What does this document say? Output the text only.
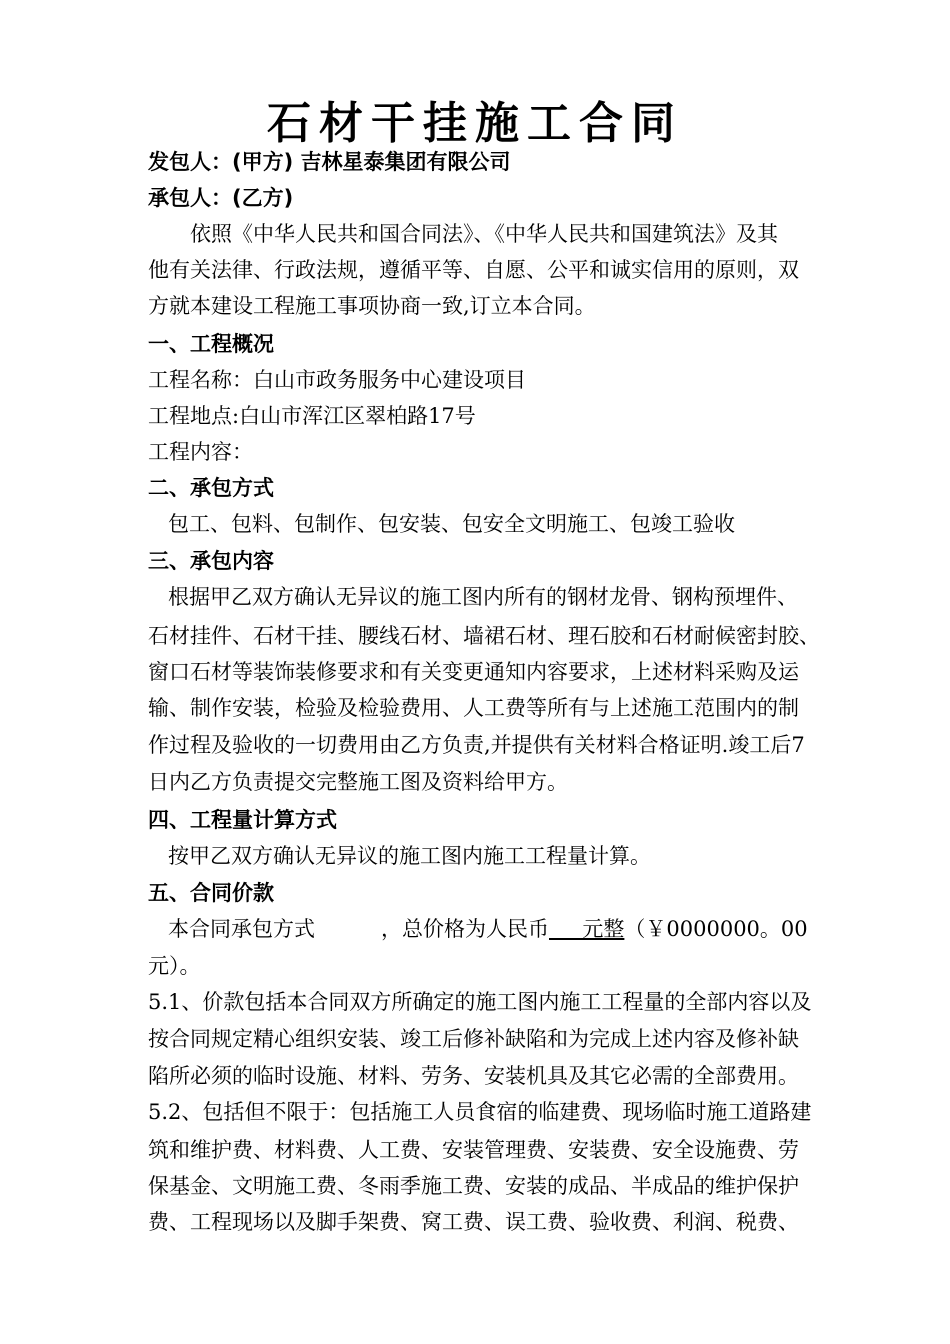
石材干挂施工合同
发包人：(甲方) 吉林星泰集团有限公司
承包人：(乙方)
依照《中华人民共和国合同法》、《中华人民共和国建筑法》及其
他有关法律、行政法规，遵循平等、自愿、公平和诚实信用的原则，双
方就本建设工程施工事项协商一致,订立本合同。
一、工程概况
工程名称：白山市政务服务中心建设项目
工程地点:白山市浑江区翠柏路17号
工程内容：
二、承包方式
包工、包料、包制作、包安装、包安全文明施工、包竣工验收
三、承包内容
根据甲乙双方确认无异议的施工图内所有的钢材龙骨、钢构预埋件、
石材挂件、石材干挂、腰线石材、墙裙石材、理石胶和石材耐候密封胶、
窗口石材等装饰装修要求和有关变更通知内容要求，上述材料采购及运
输、制作安装，检验及检验费用、人工费等所有与上述施工范围内的制
作过程及验收的一切费用由乙方负责,并提供有关材料合格证明.竣工后7
日内乙方负责提交完整施工图及资料给甲方。
四、工程量计算方式
按甲乙双方确认无异议的施工图内施工工程量计算。
五、合同价款
本合同承包方式	，总价格为人民币     元整（￥0000000。00
元）。
5.1、价款包括本合同双方所确定的施工图内施工工程量的全部内容以及
按合同规定精心组织安装、竣工后修补缺陷和为完成上述内容及修补缺
陷所必须的临时设施、材料、劳务、安装机具及其它必需的全部费用。
5.2、包括但不限于：包括施工人员食宿的临建费、现场临时施工道路建
筑和维护费、材料费、人工费、安装管理费、安装费、安全设施费、劳
保基金、文明施工费、冬雨季施工费、安装的成品、半成品的维护保护
费、工程现场以及脚手架费、窝工费、误工费、验收费、利润、税费、
